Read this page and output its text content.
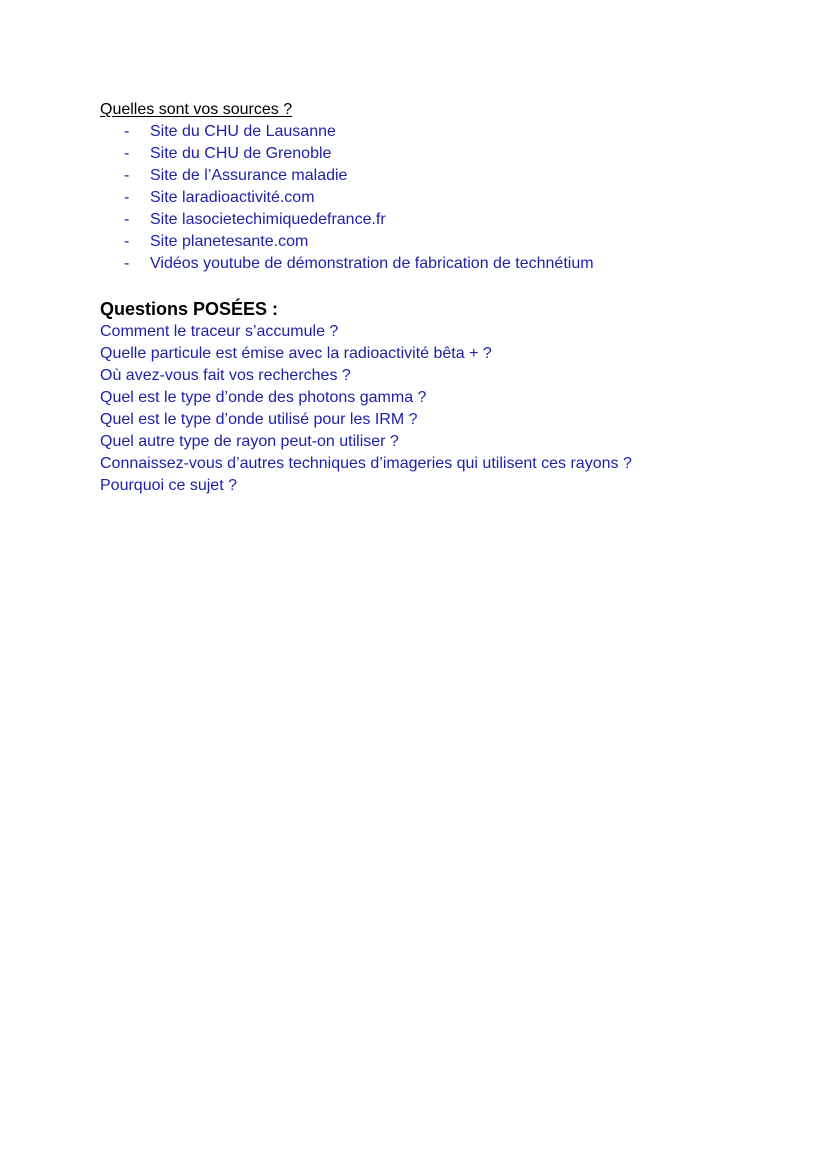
Quelles sont vos sources ?

- Site du CHU de Lausanne
- Site du CHU de Grenoble
- Site de l’Assurance maladie
- Site laradioactivité.com
- Site lasocietechimiquedefrance.fr
- Site planetesante.com
- Vidéos youtube de démonstration de fabrication de technétium
Questions POSÉES :
Comment le traceur s’accumule ?
Quelle particule est émise avec la radioactivité bêta + ?
Où avez-vous fait vos recherches ?
Quel est le type d’onde des photons gamma ?
Quel est le type d’onde utilisé pour les IRM ?
Quel autre type de rayon peut-on utiliser ?
Connaissez-vous d’autres techniques d’imageries qui utilisent ces rayons ?
Pourquoi ce sujet ?
